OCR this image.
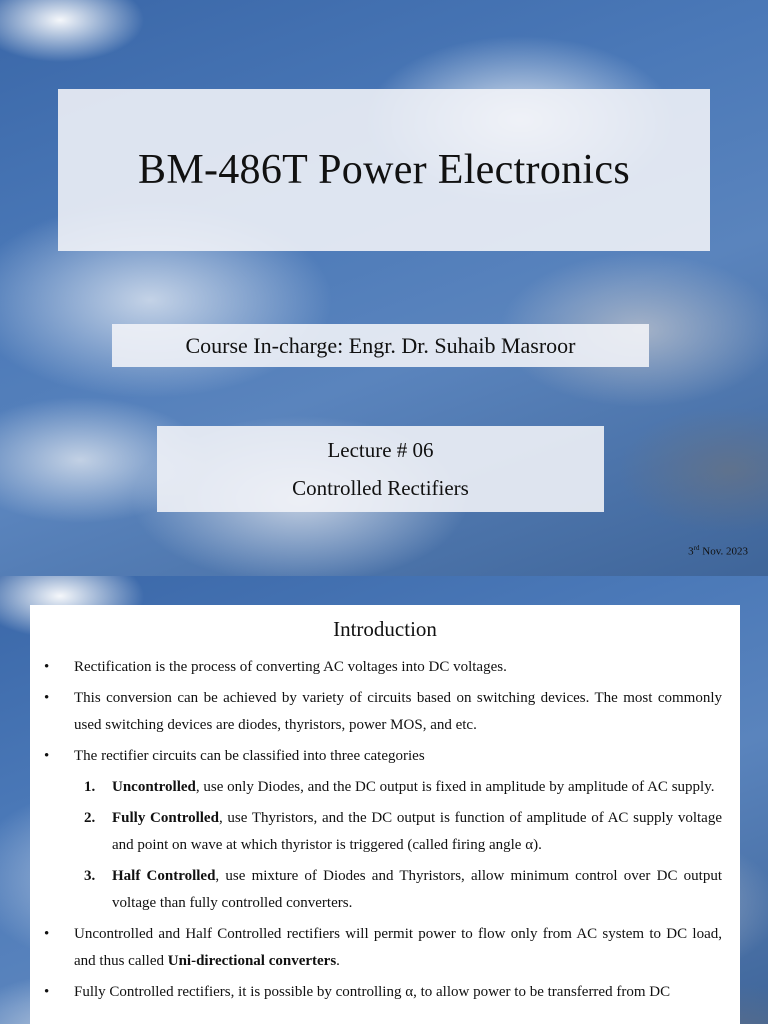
BM-486T Power Electronics
Course In-charge: Engr. Dr. Suhaib Masroor
Lecture # 06
Controlled Rectifiers
3rd Nov. 2023
Introduction
• Rectification is the process of converting AC voltages into DC voltages.
• This conversion can be achieved by variety of circuits based on switching devices. The most commonly used switching devices are diodes, thyristors, power MOS, and etc.
• The rectifier circuits can be classified into three categories
1. Uncontrolled, use only Diodes, and the DC output is fixed in amplitude by amplitude of AC supply.
2. Fully Controlled, use Thyristors, and the DC output is function of amplitude of AC supply voltage and point on wave at which thyristor is triggered (called firing angle α).
3. Half Controlled, use mixture of Diodes and Thyristors, allow minimum control over DC output voltage than fully controlled converters.
• Uncontrolled and Half Controlled rectifiers will permit power to flow only from AC system to DC load, and thus called Uni-directional converters.
• Fully Controlled rectifiers, it is possible by controlling α, to allow power to be transferred from DC
